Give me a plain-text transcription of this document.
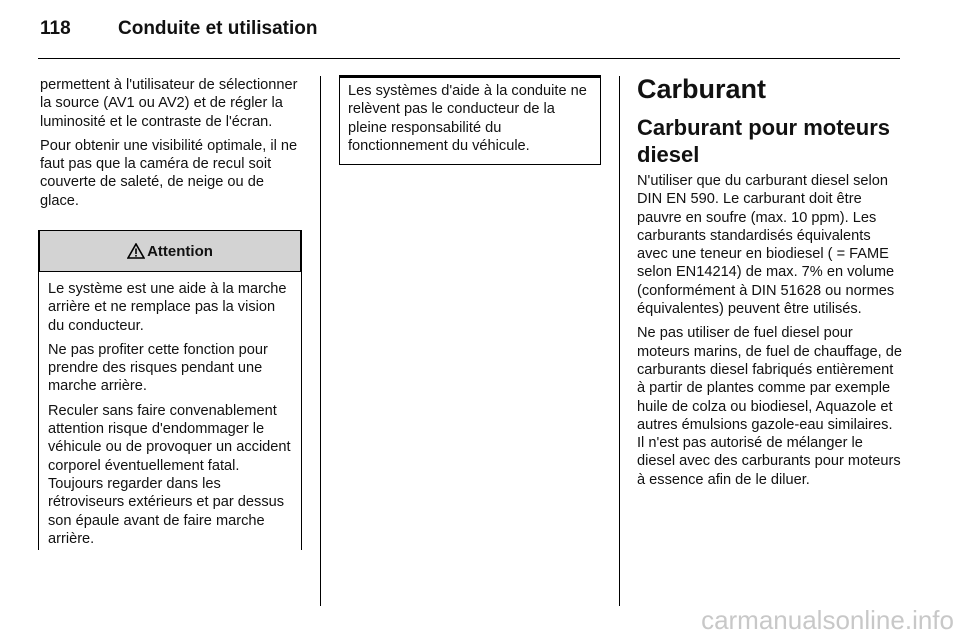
118 Conduite et utilisation

permettent à l'utilisateur de sélectionner la source (AV1 ou AV2) et de régler la luminosité et le contraste de l'écran.

Pour obtenir une visibilité optimale, il ne faut pas que la caméra de recul soit couverte de saleté, de neige ou de glace.

Attention

Le système est une aide à la marche arrière et ne remplace pas la vision du conducteur.

Ne pas profiter cette fonction pour prendre des risques pendant une marche arrière.

Reculer sans faire convenablement attention risque d'endommager le véhicule ou de provoquer un accident corporel éventuellement fatal. Toujours regarder dans les rétroviseurs extérieurs et par dessus son épaule avant de faire marche arrière.

Les systèmes d'aide à la conduite ne relèvent pas le conducteur de la pleine responsabilité du fonctionnement du véhicule.
Carburant
Carburant pour moteurs diesel

N'utiliser que du carburant diesel selon DIN EN 590. Le carburant doit être pauvre en soufre (max. 10 ppm). Les carburants standardisés équivalents avec une teneur en biodiesel ( = FAME selon EN14214) de max. 7% en volume (conformément à DIN 51628 ou normes équivalentes) peuvent être utilisés.

Ne pas utiliser de fuel diesel pour moteurs marins, de fuel de chauffage, de carburants diesel fabriqués entièrement à partir de plantes comme par exemple huile de colza ou biodiesel, Aquazole et autres émulsions gazole-eau similaires. Il n'est pas autorisé de mélanger le diesel avec des carburants pour moteurs à essence afin de le diluer.

carmanualsonline.info
